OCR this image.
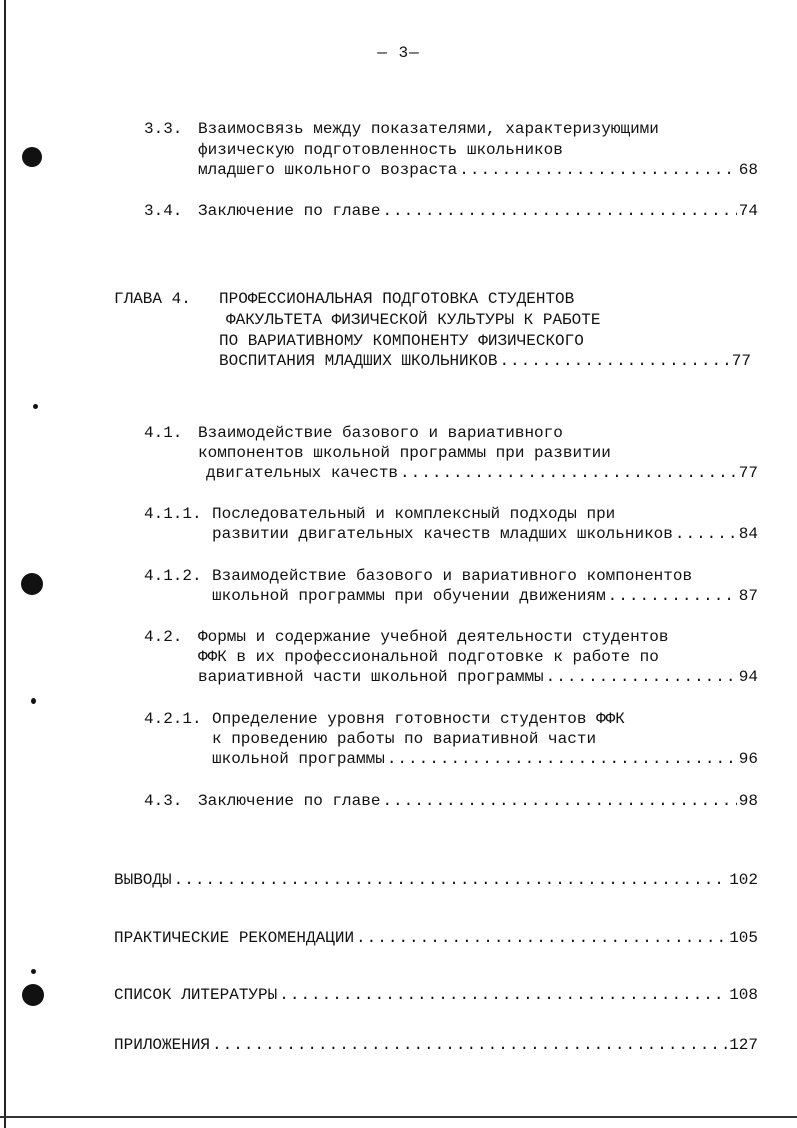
— 3—
3.3. Взаимосвязь между показателями, характеризующими
физическую подготовленность школьников
младшего школьного возраста .....	68
3.4. Заключение по главе .....	74
ГЛАВА 4. ПРОФЕССИОНАЛЬНАЯ ПОДГОТОВКА СТУДЕНТОВ
ФАКУЛЬТЕТА ФИЗИЧЕСКОЙ КУЛЬТУРЫ К РАБОТЕ
ПО ВАРИАТИВНОМУ КОМПОНЕНТУ ФИЗИЧЕСКОГО
ВОСПИТАНИЯ МЛАДШИХ ШКОЛЬНИКОВ .....	77
4.1. Взаимодействие базового и вариативного
компонентов школьной программы при развитии
двигательных качеств .....	77
4.1.1. Последовательный и комплексный подходы при
развитии двигательных качеств младших школьников .....	84
4.1.2. Взаимодействие базового и вариативного компонентов
школьной программы при обучении движениям .....	87
4.2. Формы и содержание учебной деятельности студентов
ФФК в их профессиональной подготовке к работе по
вариативной части школьной программы .....	94
4.2.1. Определение уровня готовности студентов ФФК
к проведению работы по вариативной части
школьной программы .....	96
4.3. Заключение по главе .....	98
ВЫВОДЫ .....	102
ПРАКТИЧЕСКИЕ РЕКОМЕНДАЦИИ .....	105
СПИСОК ЛИТЕРАТУРЫ .....	108
ПРИЛОЖЕНИЯ .....	127
